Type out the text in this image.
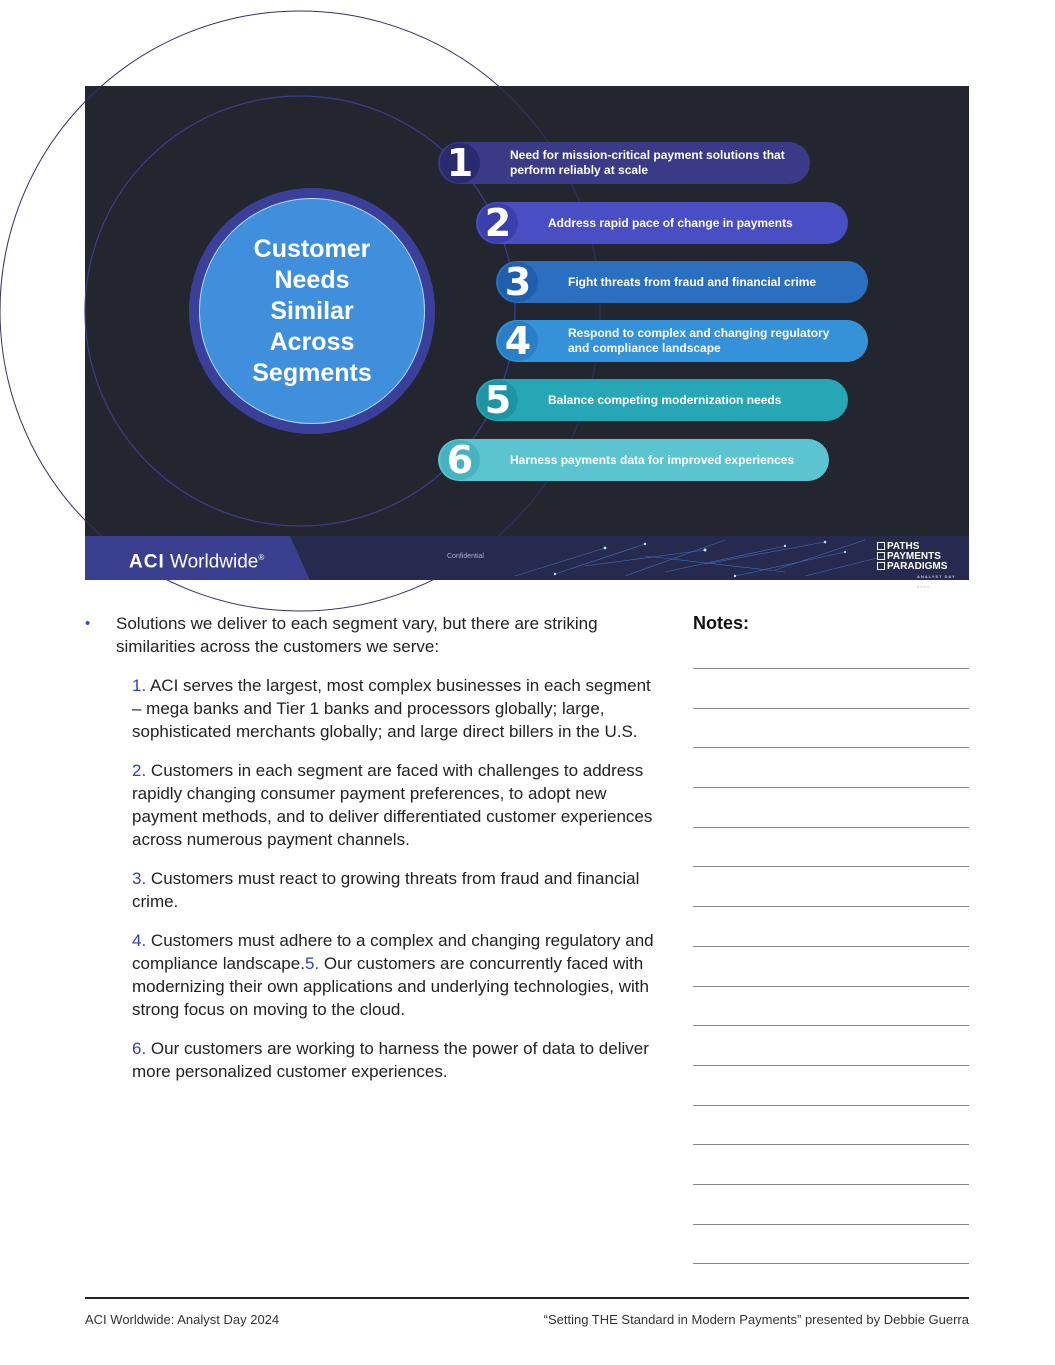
Customer Needs Similar Across Segments
1	Need for mission-critical payment solutions that perform reliably at scale
2	Address rapid pace of change in payments
3	Fight threats from fraud and financial crime
4	Respond to complex and changing regulatory and compliance landscape
5	Balance competing modernization needs
6	Harness payments data for improved experiences
ACI Worldwide®	Confidential
PATHS
PAYMENTS
PARADIGMS
ANALYST DAY 2024
• Solutions we deliver to each segment vary, but there are striking similarities across the customers we serve:
1. ACI serves the largest, most complex businesses in each segment – mega banks and Tier 1 banks and processors globally; large, sophisticated merchants globally; and large direct billers in the U.S.
2. Customers in each segment are faced with challenges to address rapidly changing consumer payment preferences, to adopt new payment methods, and to deliver differentiated customer experiences across numerous payment channels.
3. Customers must react to growing threats from fraud and financial crime.
4. Customers must adhere to a complex and changing regulatory and compliance landscape.5. Our customers are concurrently faced with modernizing their own applications and underlying technologies, with strong focus on moving to the cloud.
6. Our customers are working to harness the power of data to deliver more personalized customer experiences.
Notes:
ACI Worldwide: Analyst Day 2024	“Setting THE Standard in Modern Payments” presented by Debbie Guerra
